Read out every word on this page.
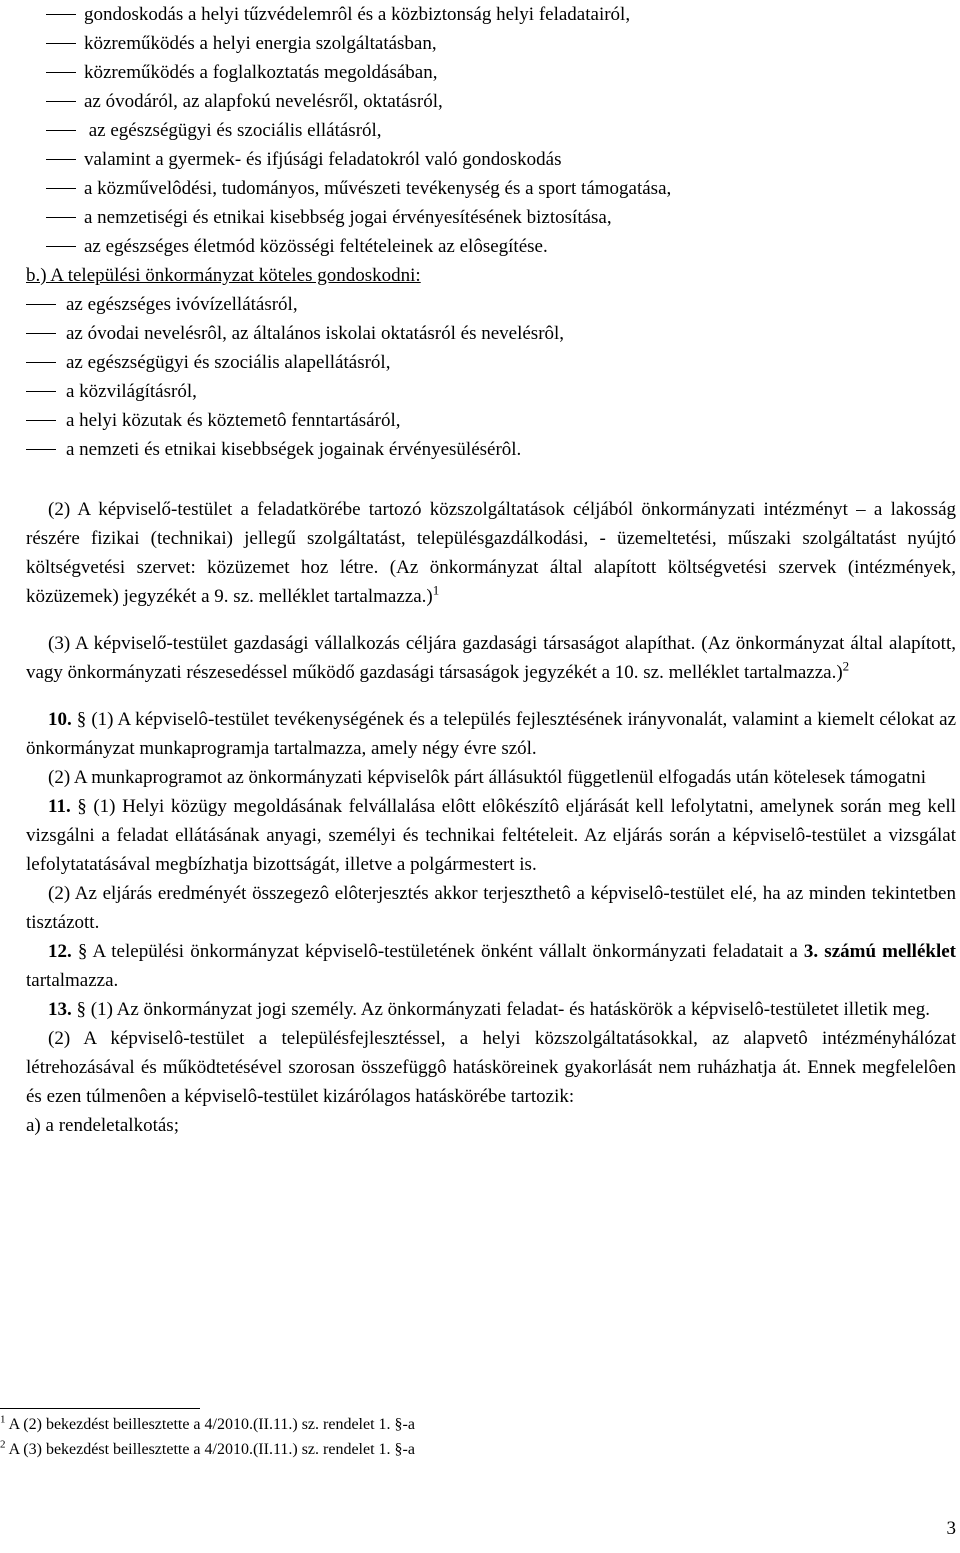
gondoskodás a helyi tűzvédelemrôl és a közbiztonság helyi feladatairól,
közreműködés a helyi energia szolgáltatásban,
közreműködés a foglalkoztatás megoldásában,
az óvodáról, az alapfokú nevelésről, oktatásról,
az egészségügyi és szociális ellátásról,
valamint a gyermek- és ifjúsági feladatokról való gondoskodás
a közművelôdési, tudományos, művészeti tevékenység és a sport támogatása,
a nemzetiségi és etnikai kisebbség jogai érvényesítésének biztosítása,
az egészséges életmód közösségi feltételeinek az elôsegítése.
b.) A települési önkormányzat köteles gondoskodni:
az egészséges ivóvízellátásról,
az óvodai nevelésrôl, az általános iskolai oktatásról és nevelésrôl,
az egészségügyi és szociális alapellátásról,
a közvilágításról,
a helyi közutak és köztemetô fenntartásáról,
a nemzeti és etnikai kisebbségek jogainak érvényesülésérôl.
(2) A képviselő-testület a feladatkörébe tartozó közszolgáltatások céljából önkormányzati intézményt – a lakosság részére fizikai (technikai) jellegű szolgáltatást, településgazdálkodási, - üzemeltetési, műszaki szolgáltatást nyújtó költségvetési szervet: közüzemet hoz létre. (Az önkormányzat által alapított költségvetési szervek (intézmények, közüzemek) jegyzékét a 9. sz. melléklet tartalmazza.)$^1$
(3) A képviselő-testület gazdasági vállalkozás céljára gazdasági társaságot alapíthat. (Az önkormányzat által alapított, vagy önkormányzati részesedéssel működő gazdasági társaságok jegyzékét a 10. sz. melléklet tartalmazza.)$^2$
10. § (1) A képviselô-testület tevékenységének és a település fejlesztésének irányvonalát, valamint a kiemelt célokat az önkormányzat munkaprogramja tartalmazza, amely négy évre szól.
(2) A munkaprogramot az önkormányzati képviselôk párt állásuktól függetlenül elfogadás után kötelesek támogatni
11. § (1) Helyi közügy megoldásának felvállalása elôtt elôkészítô eljárását kell lefolytatni, amelynek során meg kell vizsgálni a feladat ellátásának anyagi, személyi és technikai feltételeit. Az eljárás során a képviselô-testület a vizsgálat lefolytatatásával megbízhatja bizottságát, illetve a polgármestert is.
(2) Az eljárás eredményét összegezô elôterjesztés akkor terjeszthetô a képviselô-testület elé, ha az minden tekintetben tisztázott.
12. § A települési önkormányzat képviselô-testületének önként vállalt önkormányzati feladatait a 3. számú melléklet tartalmazza.
13. § (1) Az önkormányzat jogi személy. Az önkormányzati feladat- és hatáskörök a képviselô-testületet illetik meg.
(2) A képviselô-testület a településfejlesztéssel, a helyi közszolgáltatásokkal, az alapvetô intézményhálózat létrehozásával és működtetésével szorosan összefüggô hatásköreinek gyakorlását nem ruházhatja át. Ennek megfelelôen és ezen túlmenôen a képviselô-testület kizárólagos hatáskörébe tartozik:
a) a rendeletalkotás;
$^1$ A (2) bekezdést beillesztette a 4/2010.(II.11.) sz. rendelet 1. §-a
$^2$ A (3) bekezdést beillesztette a 4/2010.(II.11.) sz. rendelet 1. §-a
3
